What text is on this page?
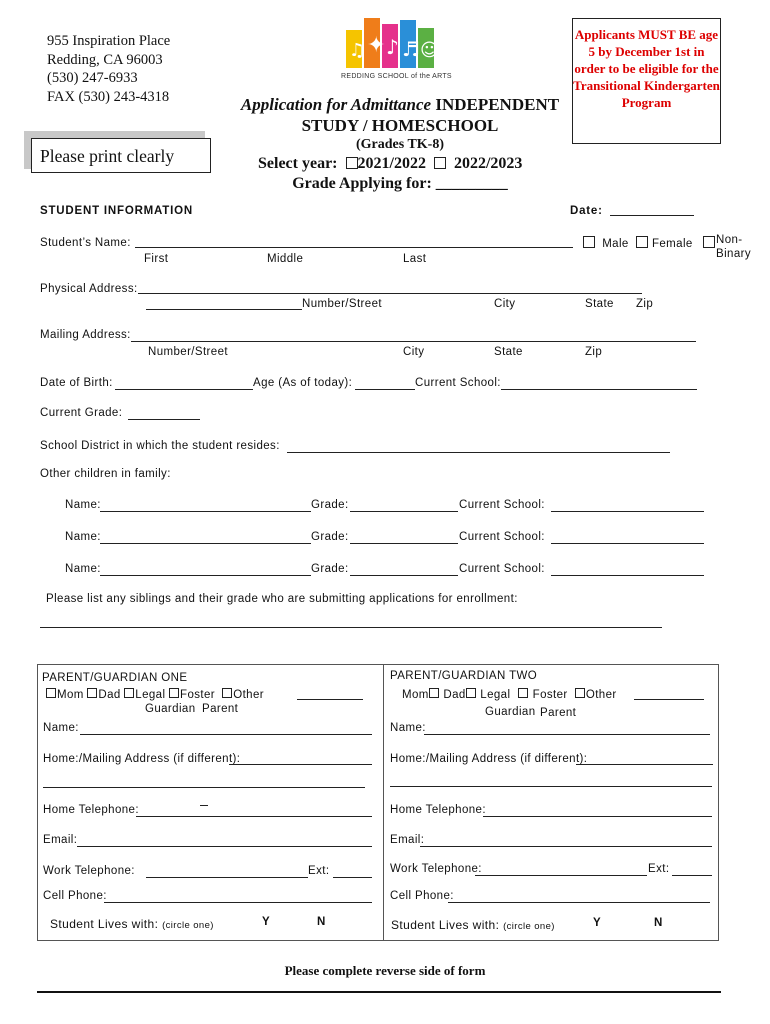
955 Inspiration Place
Redding, CA 96003
(530) 247-6933
FAX (530) 243-4318
♫ ✦ ♪ ♬ ☺
REDDING SCHOOL of the ARTS
Applicants MUST BE age 5 by December 1st in order to be eligible for the Transitional Kindergarten Program
Application for Admittance INDEPENDENT
STUDY / HOMESCHOOL
(Grades TK-8)
Select year: 2021/2022 2022/2023
Grade Applying for: _________
Please print clearly
STUDENT INFORMATION	Date:
Student’s Name:
First	Middle	Last
Male Female Non-
Binary
Physical Address:
Number/Street	City	State Zip
Mailing Address:
Number/Street	City	State	Zip
Date of Birth:	Age (As of today):	Current School:
Current Grade:
School District in which the student resides:
Other children in family:
Name:	Grade:	Current School:
Name:	Grade:	Current School:
Name:	Grade:	Current School:
Please list any siblings and their grade who are submitting applications for enrollment:
PARENT/GUARDIAN ONE
Mom Dad Legal Foster Other
Guardian Parent
Name:
Home:/Mailing Address (if different):
Home Telephone:
Email:
Work Telephone:	Ext:
Cell Phone:
Student Lives with: (circle one)	Y	N
PARENT/GUARDIAN TWO
Mom Dad Legal Foster Other
Guardian Parent
Name:
Home:/Mailing Address (if different):
Home Telephone:
Email:
Work Telephone:	Ext:
Cell Phone:
Student Lives with: (circle one)	Y	N
Please complete reverse side of form
